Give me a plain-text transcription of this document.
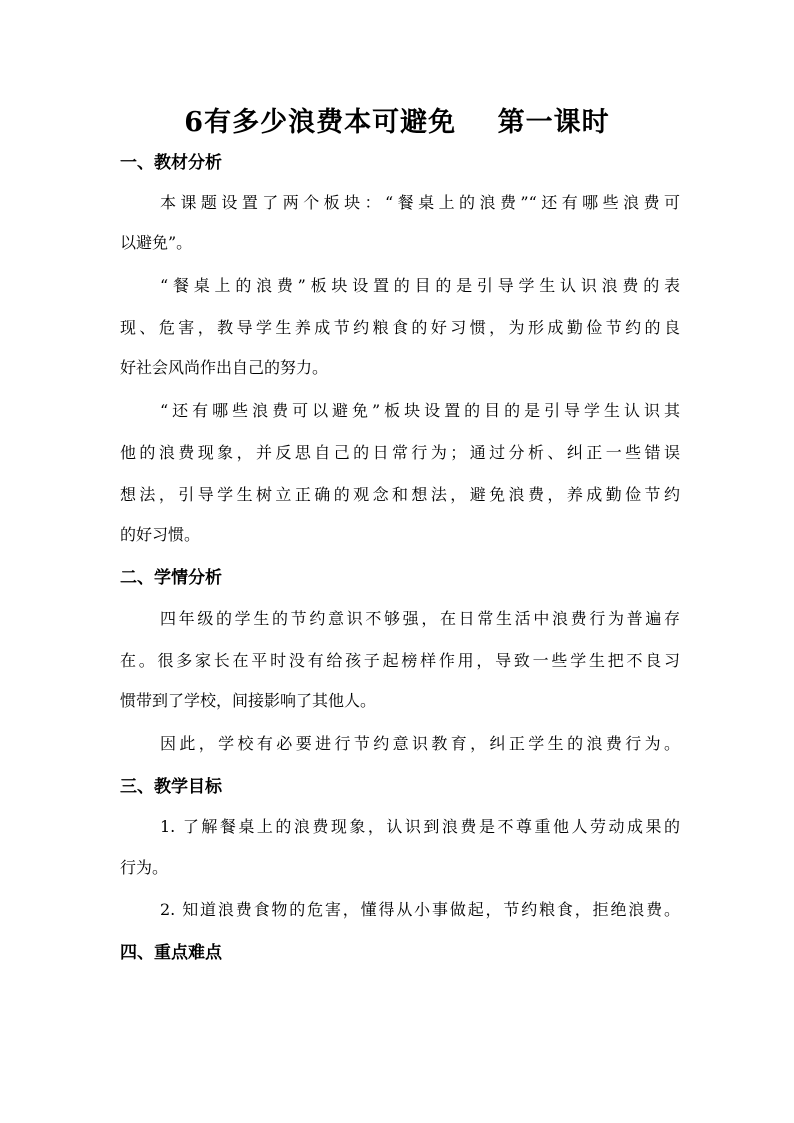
6有多少浪费本可避免    第一课时
一、教材分析
本课题设置了两个板块：“餐桌上的浪费”“还有哪些浪费可
以避免”。
“餐桌上的浪费”板块设置的目的是引导学生认识浪费的表
现、危害，教导学生养成节约粮食的好习惯，为形成勤俭节约的良
好社会风尚作出自己的努力。
“还有哪些浪费可以避免”板块设置的目的是引导学生认识其
他的浪费现象，并反思自己的日常行为；通过分析、纠正一些错误
想法，引导学生树立正确的观念和想法，避免浪费，养成勤俭节约
的好习惯。
二、学情分析
四年级的学生的节约意识不够强，在日常生活中浪费行为普遍存
在。很多家长在平时没有给孩子起榜样作用，导致一些学生把不良习
惯带到了学校，间接影响了其他人。
因此，学校有必要进行节约意识教育，纠正学生的浪费行为。
三、教学目标
1. 了解餐桌上的浪费现象，认识到浪费是不尊重他人劳动成果的
行为。
2. 知道浪费食物的危害，懂得从小事做起，节约粮食，拒绝浪费。
四、重点难点
